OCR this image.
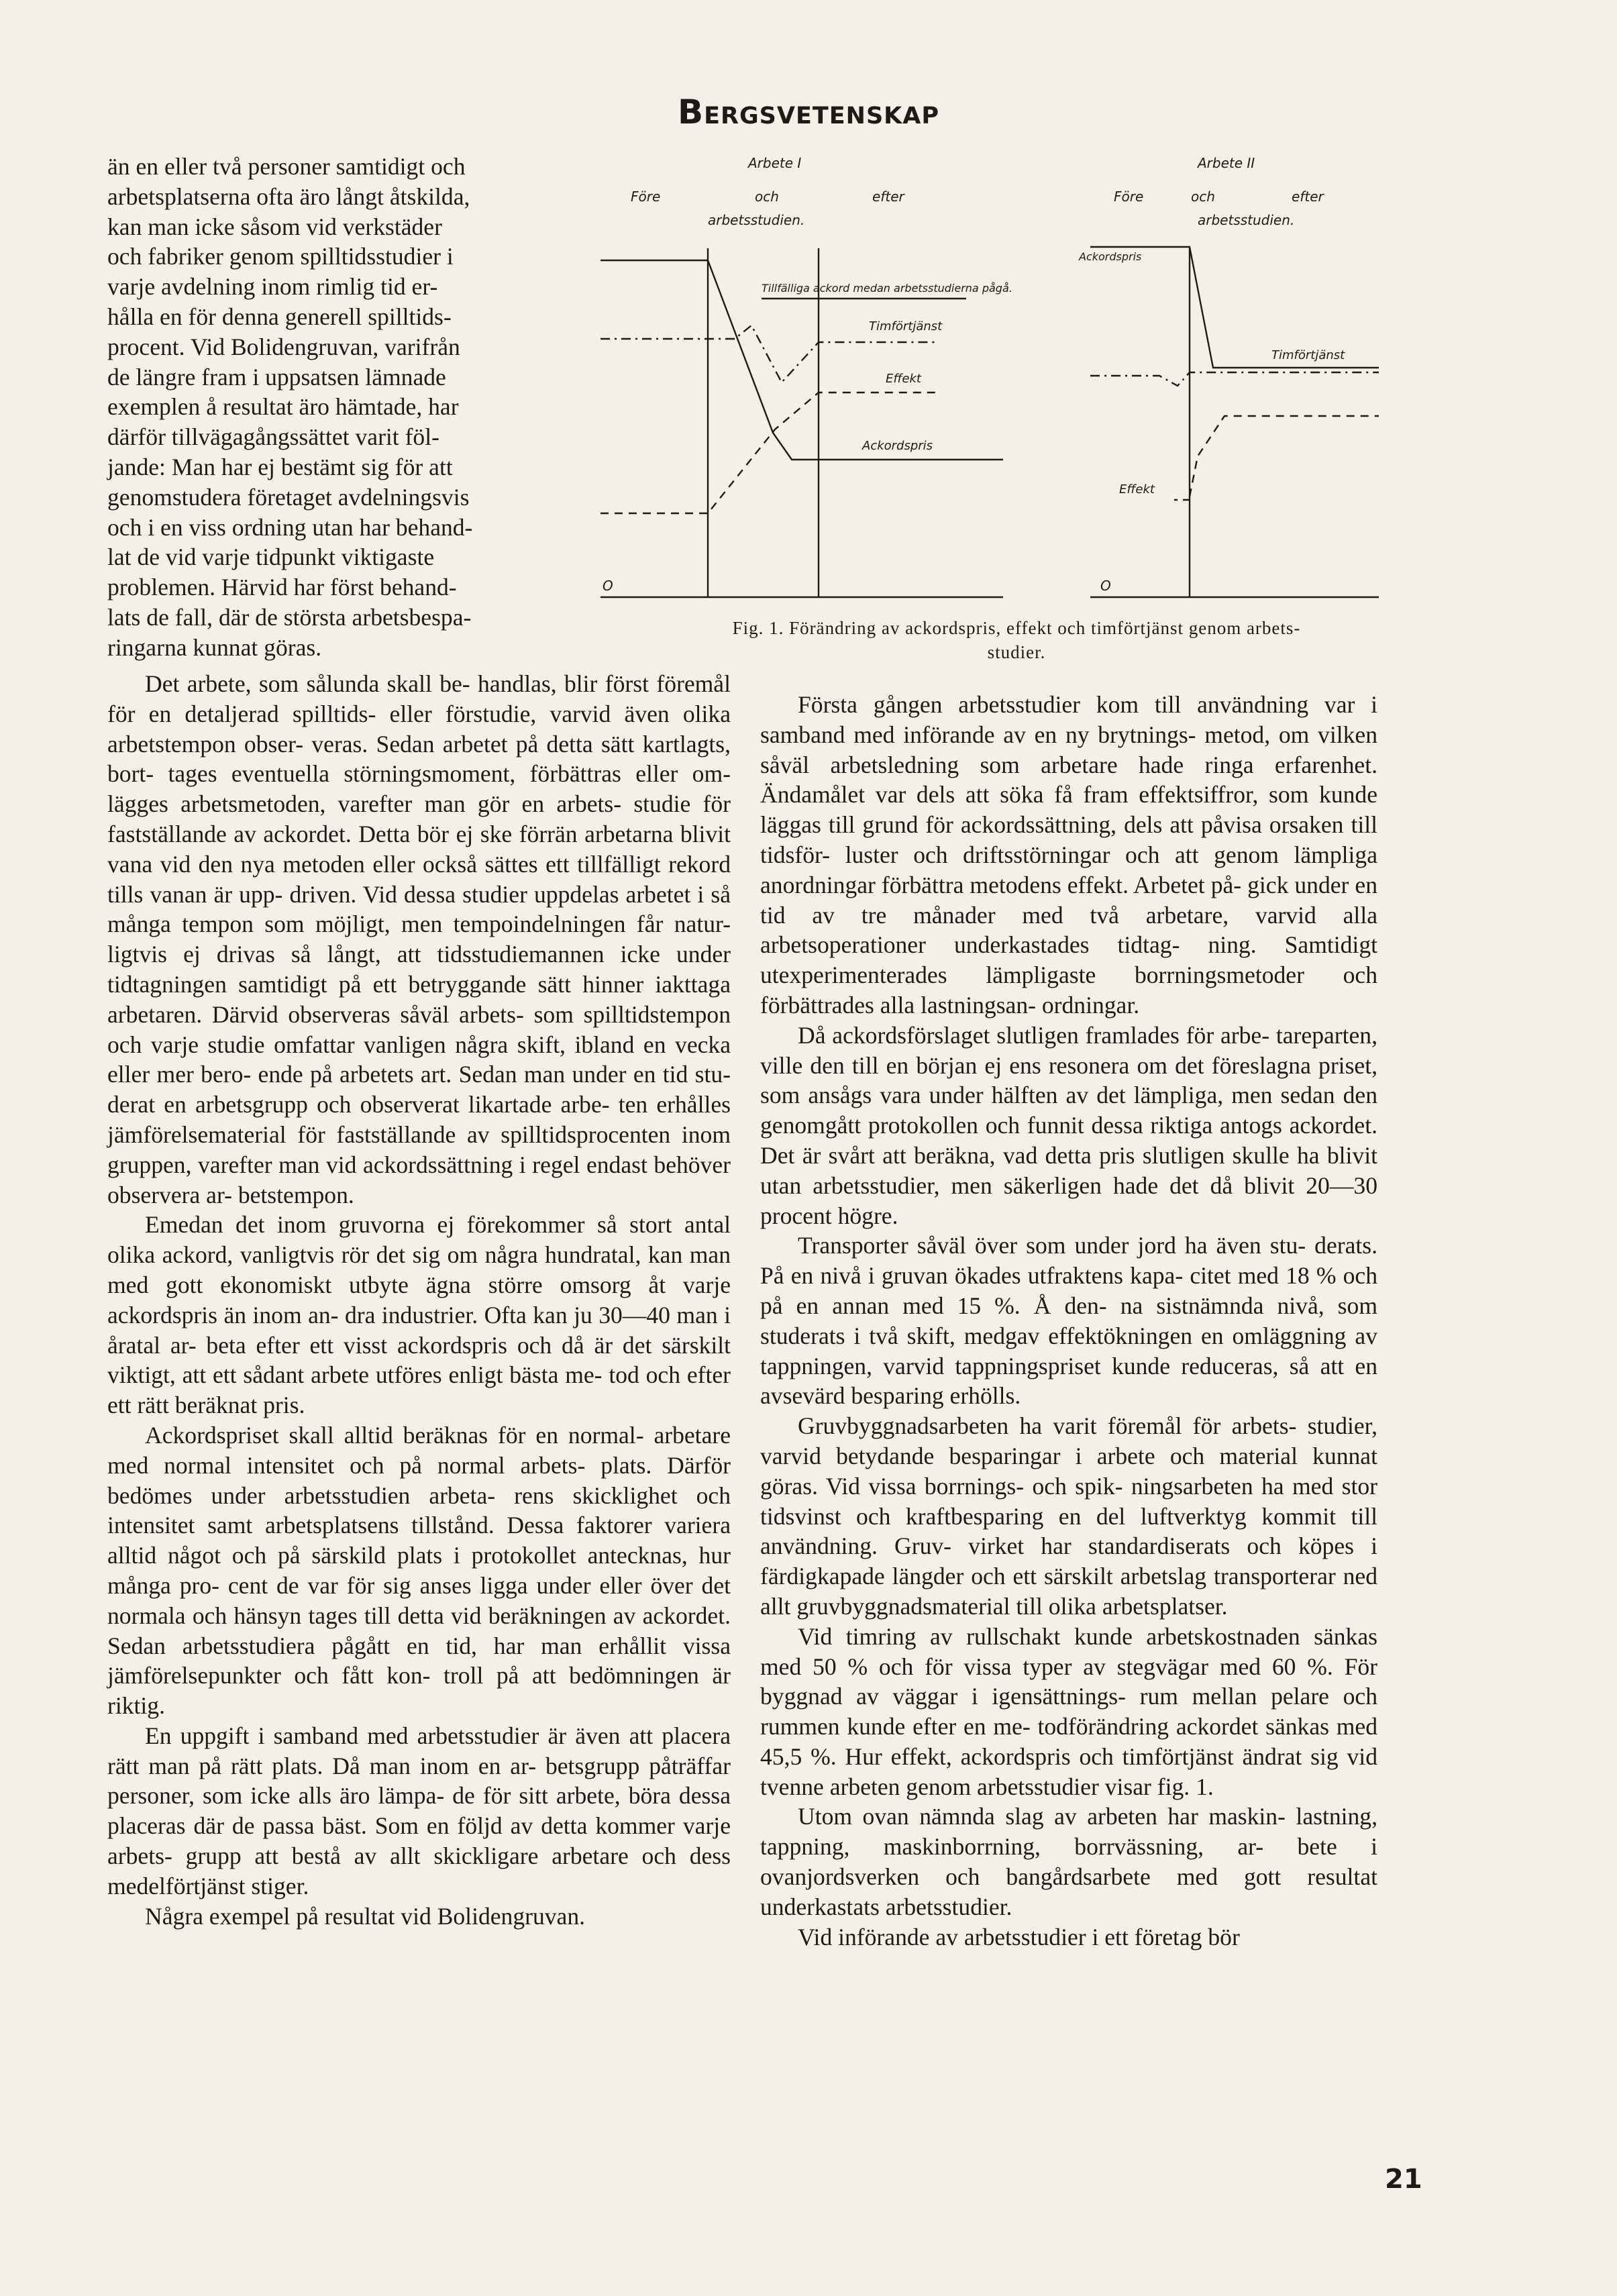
Bergsvetenskap
än en eller två personer samtidigt och
arbetsplatserna ofta äro långt åtskilda,
kan man icke såsom vid verkstäder
och fabriker genom spilltidsstudier i
varje avdelning inom rimlig tid er-
hålla en för denna generell spilltids-
procent. Vid Bolidengruvan, varifrån
de längre fram i uppsatsen lämnade
exemplen å resultat äro hämtade, har
därför tillvägagångssättet varit föl-
jande: Man har ej bestämt sig för att
genomstudera företaget avdelningsvis
och i en viss ordning utan har behand-
lat de vid varje tidpunkt viktigaste
problemen. Härvid har först behand-
lats de fall, där de största arbetsbespa-
ringarna kunnat göras.
Arbete I
Före	och	efter
arbetsstudien.
Tillfälliga ackord medan arbetsstudierna pågå.
Timförtjänst
Effekt
Ackordspris
O
Arbete II
Före	och	efter
arbetsstudien.
Ackordspris
Timförtjänst
Effekt
O
Fig. 1. Förändring av ackordspris, effekt och timförtjänst genom arbets-
studier.

Det arbete, som sålunda skall be- handlas, blir först föremål för en detaljerad spilltids- eller förstudie, varvid även olika arbetstempon obser- veras. Sedan arbetet på detta sätt kartlagts, bort- tages eventuella störningsmoment, förbättras eller om- lägges arbetsmetoden, varefter man gör en arbets- studie för fastställande av ackordet. Detta bör ej ske förrän arbetarna blivit vana vid den nya metoden eller också sättes ett tillfälligt rekord tills vanan är upp- driven. Vid dessa studier uppdelas arbetet i så många tempon som möjligt, men tempoindelningen får natur- ligtvis ej drivas så långt, att tidsstudiemannen icke under tidtagningen samtidigt på ett betryggande sätt hinner iakttaga arbetaren. Därvid observeras såväl arbets- som spilltidstempon och varje studie omfattar vanligen några skift, ibland en vecka eller mer bero- ende på arbetets art. Sedan man under en tid stu- derat en arbetsgrupp och observerat likartade arbe- ten erhålles jämförelsematerial för fastställande av spilltidsprocenten inom gruppen, varefter man vid ackordssättning i regel endast behöver observera ar- betstempon.

Emedan det inom gruvorna ej förekommer så stort antal olika ackord, vanligtvis rör det sig om några hundratal, kan man med gott ekonomiskt utbyte ägna större omsorg åt varje ackordspris än inom an- dra industrier. Ofta kan ju 30—40 man i åratal ar- beta efter ett visst ackordspris och då är det särskilt viktigt, att ett sådant arbete utföres enligt bästa me- tod och efter ett rätt beräknat pris.

Ackordspriset skall alltid beräknas för en normal- arbetare med normal intensitet och på normal arbets- plats. Därför bedömes under arbetsstudien arbeta- rens skicklighet och intensitet samt arbetsplatsens tillstånd. Dessa faktorer variera alltid något och på särskild plats i protokollet antecknas, hur många pro- cent de var för sig anses ligga under eller över det normala och hänsyn tages till detta vid beräkningen av ackordet. Sedan arbetsstudiera pågått en tid, har man erhållit vissa jämförelsepunkter och fått kon- troll på att bedömningen är riktig.

En uppgift i samband med arbetsstudier är även att placera rätt man på rätt plats. Då man inom en ar- betsgrupp påträffar personer, som icke alls äro lämpa- de för sitt arbete, böra dessa placeras där de passa bäst. Som en följd av detta kommer varje arbets- grupp att bestå av allt skickligare arbetare och dess medelförtjänst stiger.

Några exempel på resultat vid Bolidengruvan.

Första gången arbetsstudier kom till användning var i samband med införande av en ny brytnings- metod, om vilken såväl arbetsledning som arbetare hade ringa erfarenhet. Ändamålet var dels att söka få fram effektsiffror, som kunde läggas till grund för ackordssättning, dels att påvisa orsaken till tidsför- luster och driftsstörningar och att genom lämpliga anordningar förbättra metodens effekt. Arbetet på- gick under en tid av tre månader med två arbetare, varvid alla arbetsoperationer underkastades tidtag- ning. Samtidigt utexperimenterades lämpligaste borrningsmetoder och förbättrades alla lastningsan- ordningar.

Då ackordsförslaget slutligen framlades för arbe- tareparten, ville den till en början ej ens resonera om det föreslagna priset, som ansågs vara under hälften av det lämpliga, men sedan den genomgått protokollen och funnit dessa riktiga antogs ackordet. Det är svårt att beräkna, vad detta pris slutligen skulle ha blivit utan arbetsstudier, men säkerligen hade det då blivit 20—30 procent högre.

Transporter såväl över som under jord ha även stu- derats. På en nivå i gruvan ökades utfraktens kapa- citet med 18 % och på en annan med 15 %. Å den- na sistnämnda nivå, som studerats i två skift, medgav effektökningen en omläggning av tappningen, varvid tappningspriset kunde reduceras, så att en avsevärd besparing erhölls.

Gruvbyggnadsarbeten ha varit föremål för arbets- studier, varvid betydande besparingar i arbete och material kunnat göras. Vid vissa borrnings- och spik- ningsarbeten ha med stor tidsvinst och kraftbesparing en del luftverktyg kommit till användning. Gruv- virket har standardiserats och köpes i färdigkapade längder och ett särskilt arbetslag transporterar ned allt gruvbyggnadsmaterial till olika arbetsplatser.

Vid timring av rullschakt kunde arbetskostnaden sänkas med 50 % och för vissa typer av stegvägar med 60 %. För byggnad av väggar i igensättnings- rum mellan pelare och rummen kunde efter en me- todförändring ackordet sänkas med 45,5 %. Hur effekt, ackordspris och timförtjänst ändrat sig vid tvenne arbeten genom arbetsstudier visar fig. 1.

Utom ovan nämnda slag av arbeten har maskin- lastning, tappning, maskinborrning, borrvässning, ar- bete i ovanjordsverken och bangårdsarbete med gott resultat underkastats arbetsstudier.

Vid införande av arbetsstudier i ett företag bör

21
